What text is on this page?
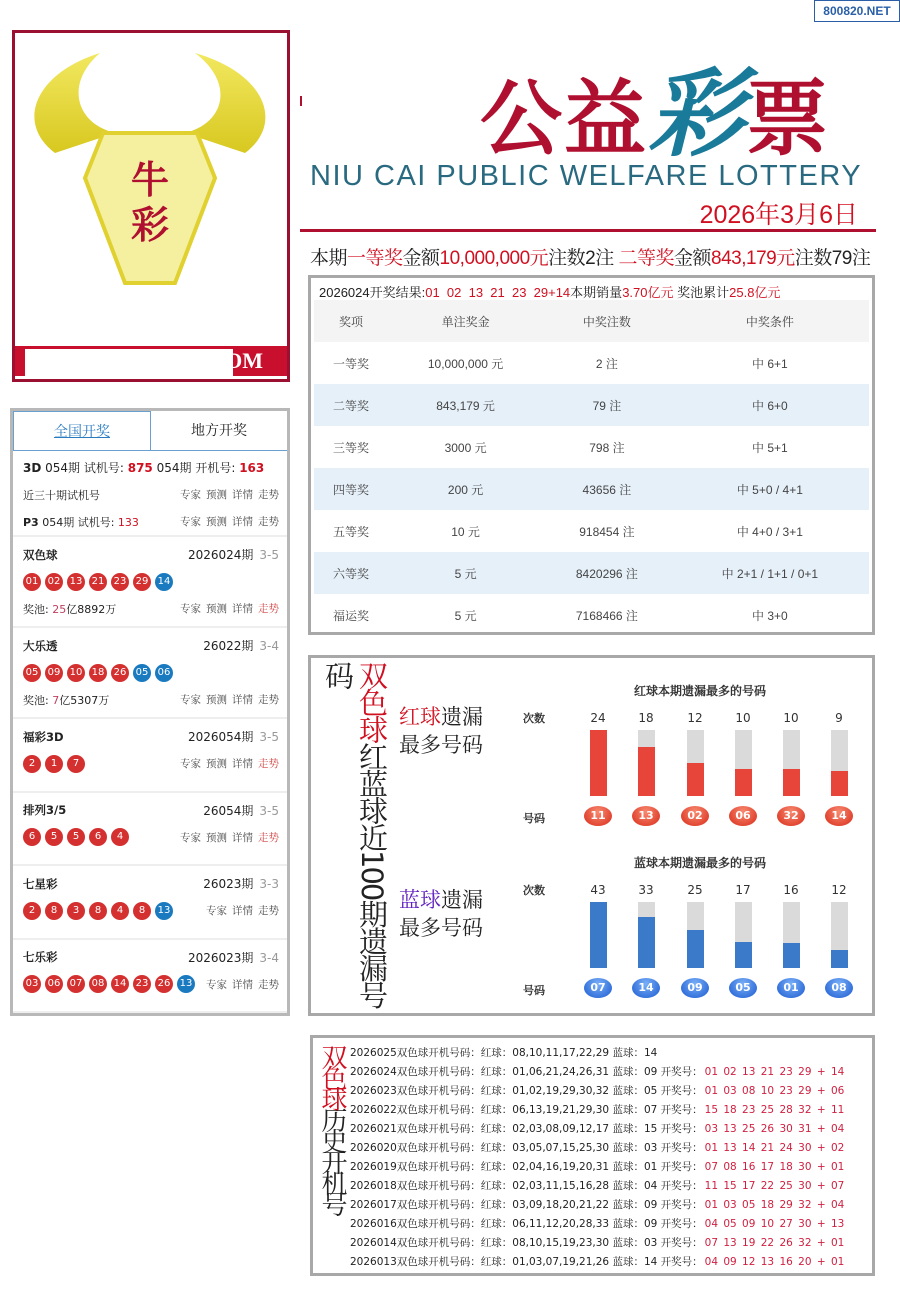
800820.NET
牛
彩
OM
公益彩票
NIU CAI PUBLIC WELFARE LOTTERY
2026年3月6日
本期一等奖金额10,000,000元注数2注 二等奖金额843,179元注数79注
2026024开奖结果:01  02  13  21  23  29+14本期销量3.70亿元 奖池累计25.8亿元
奖项	单注奖金	中奖注数	中奖条件
一等奖	10,000,000 元	2 注	中 6+1
二等奖	843,179 元	79 注	中 6+0
三等奖	3000 元	798 注	中 5+1
四等奖	200 元	43656 注	中 5+0 / 4+1
五等奖	10 元	918454 注	中 4+0 / 3+1
六等奖	5 元	8420296 注	中 2+1 / 1+1 / 0+1
福运奖	5 元	7168466 注	中 3+0
全国开奖	地方开奖
3D 054期 试机号: 875 054期 开机号: 163
近三十期试机号	专家 预测 详情 走势
P3 054期 试机号: 133	专家 预测 详情 走势
双色球	2026024期 3-5
01 02 13 21 23 29 14
奖池: 25亿8892万	专家 预测 详情 走势
大乐透	26022期 3-4
05 09 10 18 26 05 06
奖池: 7亿5307万	专家 预测 详情 走势
福彩3D	2026054期 3-5
2	1	7	专家 预测 详情 走势
排列3/5	26054期 3-5
6	5	5	6	4	专家 预测 详情 走势
七星彩	26023期 3-3
2	8	3	8	4	8	13	专家 详情 走势
七乐彩	2026023期 3-4
03 06 07 08 14 23 26 13	专家 详情 走势
双色球红蓝球近100期遗漏号码
红球遗漏
最多号码
蓝球遗漏
最多号码
红球本期遗漏最多的号码
次数
号码
24
11
18
13
12
02
10
06
10
32
9
14
蓝球本期遗漏最多的号码
次数
号码
43
07
33
14
25
09
17
05
16
01
12
08
双色球历史开机号
2026025双色球开机号码：红球：08,10,11,17,22,29 蓝球：14
2026024双色球开机号码：红球：01,06,21,24,26,31 蓝球：09 开奖号： 01 02 13 21 23 29 + 14
2026023双色球开机号码：红球：01,02,19,29,30,32 蓝球：05 开奖号： 01 03 08 10 23 29 + 06
2026022双色球开机号码：红球：06,13,19,21,29,30 蓝球：07 开奖号： 15 18 23 25 28 32 + 11
2026021双色球开机号码：红球：02,03,08,09,12,17 蓝球：15 开奖号： 03 13 25 26 30 31 + 04
2026020双色球开机号码：红球：03,05,07,15,25,30 蓝球：03 开奖号： 01 13 14 21 24 30 + 02
2026019双色球开机号码：红球：02,04,16,19,20,31 蓝球：01 开奖号： 07 08 16 17 18 30 + 01
2026018双色球开机号码：红球：02,03,11,15,16,28 蓝球：04 开奖号： 11 15 17 22 25 30 + 07
2026017双色球开机号码：红球：03,09,18,20,21,22 蓝球：09 开奖号： 01 03 05 18 29 32 + 04
2026016双色球开机号码：红球：06,11,12,20,28,33 蓝球：09 开奖号： 04 05 09 10 27 30 + 13
2026014双色球开机号码：红球：08,10,15,19,23,30 蓝球：03 开奖号： 07 13 19 22 26 32 + 01
2026013双色球开机号码：红球：01,03,07,19,21,26 蓝球：14 开奖号： 04 09 12 13 16 20 + 01
